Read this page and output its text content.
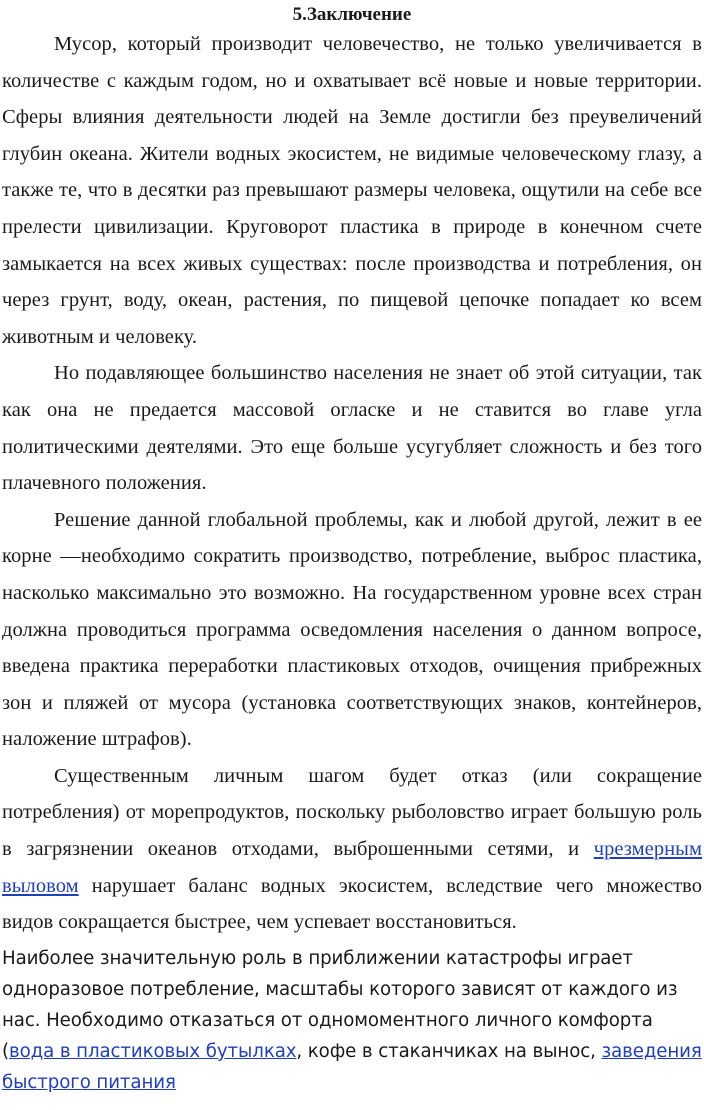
5.Заключение

Мусор, который производит человечество, не только увеличивается в количестве с каждым годом, но и охватывает всё новые и новые территории. Сферы влияния деятельности людей на Земле достигли без преувеличений глубин океана. Жители водных экосистем, не видимые человеческому глазу, а также те, что в десятки раз превышают размеры человека, ощутили на себе все прелести цивилизации. Круговорот пластика в природе в конечном счете замыкается на всех живых существах: после производства и потребления, он через грунт, воду, океан, растения, по пищевой цепочке попадает ко всем животным и человеку.

Но подавляющее большинство населения не знает об этой ситуации, так как она не предается массовой огласке и не ставится во главе угла политическими деятелями. Это еще больше усугубляет сложность и без того плачевного положения.

Решение данной глобальной проблемы, как и любой другой, лежит в ее корне —необходимо сократить производство, потребление, выброс пластика, насколько максимально это возможно. На государственном уровне всех стран должна проводиться программа осведомления населения о данном вопросе, введена практика переработки пластиковых отходов, очищения прибрежных зон и пляжей от мусора (установка соответствующих знаков, контейнеров, наложение штрафов).

Существенным личным шагом будет отказ (или сокращение потребления) от морепродуктов, поскольку рыболовство играет большую роль в загрязнении океанов отходами, выброшенными сетями, и чрезмерным выловом нарушает баланс водных экосистем, вследствие чего множество видов сокращается быстрее, чем успевает восстановиться.

Наиболее значительную роль в приближении катастрофы играет одноразовое потребление, масштабы которого зависят от каждого из нас. Необходимо отказаться от одномоментного личного комфорта (вода в пластиковых бутылках, кофе в стаканчиках на вынос, заведения быстрого питания
